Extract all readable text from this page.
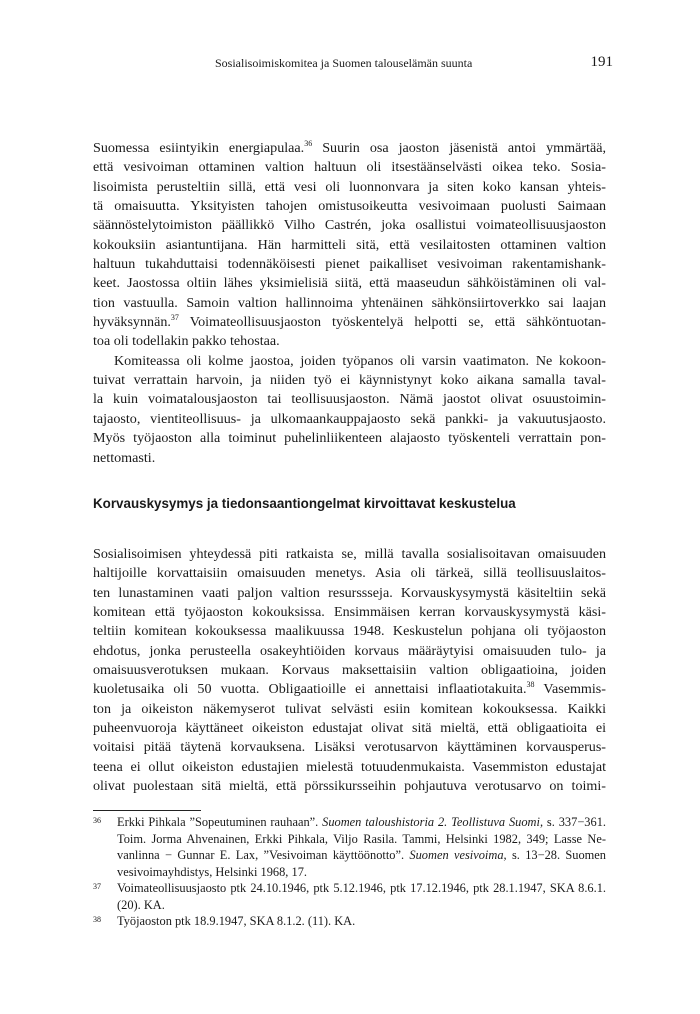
Sosialisoimiskomitea ja Suomen talouselämän suunta	191
Suomessa esiintyikin energiapulaa.$^{36}$ Suurin osa jaoston jäsenistä antoi ymmärtää,
että vesivoiman ottaminen valtion haltuun oli itsestäänselvästi oikea teko. Sosia-
lisoimista perusteltiin sillä, että vesi oli luonnonvara ja siten koko kansan yhteis-
tä omaisuutta. Yksityisten tahojen omistusoikeutta vesivoimaan puolusti Saimaan
säännöstelytoimiston päällikkö Vilho Castrén, joka osallistui voimateollisuusjaoston
kokouksiin asiantuntijana. Hän harmitteli sitä, että vesilaitosten ottaminen valtion
haltuun tukahduttaisi todennäköisesti pienet paikalliset vesivoiman rakentamishank-
keet. Jaostossa oltiin lähes yksimielisiä siitä, että maaseudun sähköistäminen oli val-
tion vastuulla. Samoin valtion hallinnoima yhtenäinen sähkönsiirtoverkko sai laajan
hyväksynnän.$^{37}$ Voimateollisuusjaoston työskentelyä helpotti se, että sähköntuotan-
toa oli todellakin pakko tehostaa.
Komiteassa oli kolme jaostoa, joiden työpanos oli varsin vaatimaton. Ne kokoon-
tuivat verrattain harvoin, ja niiden työ ei käynnistynyt koko aikana samalla taval-
la kuin voimatalousjaoston tai teollisuusjaoston. Nämä jaostot olivat osuustoimin-
tajaosto, vientiteollisuus- ja ulkomaankauppajaosto sekä pankki- ja vakuutusjaosto.
Myös työjaoston alla toiminut puhelinliikenteen alajaosto työskenteli verrattain pon-
nettomasti.
Korvauskysymys ja tiedonsaantiongelmat kirvoittavat keskustelua
Sosialisoimisen yhteydessä piti ratkaista se, millä tavalla sosialisoitavan omaisuuden
haltijoille korvattaisiin omaisuuden menetys. Asia oli tärkeä, sillä teollisuuslaitos-
ten lunastaminen vaati paljon valtion resurssseja. Korvauskysymystä käsiteltiin sekä
komitean että työjaoston kokouksissa. Ensimmäisen kerran korvauskysymystä käsi-
teltiin komitean kokouksessa maalikuussa 1948. Keskustelun pohjana oli työjaoston
ehdotus, jonka perusteella osakeyhtiöiden korvaus määräytyisi omaisuuden tulo- ja
omaisuusverotuksen mukaan. Korvaus maksettaisiin valtion obligaatioina, joiden
kuoletusaika oli 50 vuotta. Obligaatioille ei annettaisi inflaatiotakuita.$^{38}$ Vasemmis-
ton ja oikeiston näkemyserot tulivat selvästi esiin komitean kokouksessa. Kaikki
puheenvuoroja käyttäneet oikeiston edustajat olivat sitä mieltä, että obligaatioita ei
voitaisi pitää täytenä korvauksena. Lisäksi verotusarvon käyttäminen korvausperus-
teena ei ollut oikeiston edustajien mielestä totuudenmukaista. Vasemmiston edustajat
olivat puolestaan sitä mieltä, että pörssikursseihin pohjautuva verotusarvo on toimi-
36 Erkki Pihkala ”Sopeutuminen rauhaan”. Suomen taloushistoria 2. Teollistuva Suomi, s. 337−361.
Toim. Jorma Ahvenainen, Erkki Pihkala, Viljo Rasila. Tammi, Helsinki 1982, 349; Lasse Ne-
vanlinna − Gunnar E. Lax, ”Vesivoiman käyttöönotto”. Suomen vesivoima, s. 13−28. Suomen
vesivoimayhdistys, Helsinki 1968, 17.
37 Voimateollisuusjaosto ptk 24.10.1946, ptk 5.12.1946, ptk 17.12.1946, ptk 28.1.1947, SKA 8.6.1.
(20). KA.
38 Työjaoston ptk 18.9.1947, SKA 8.1.2. (11). KA.
